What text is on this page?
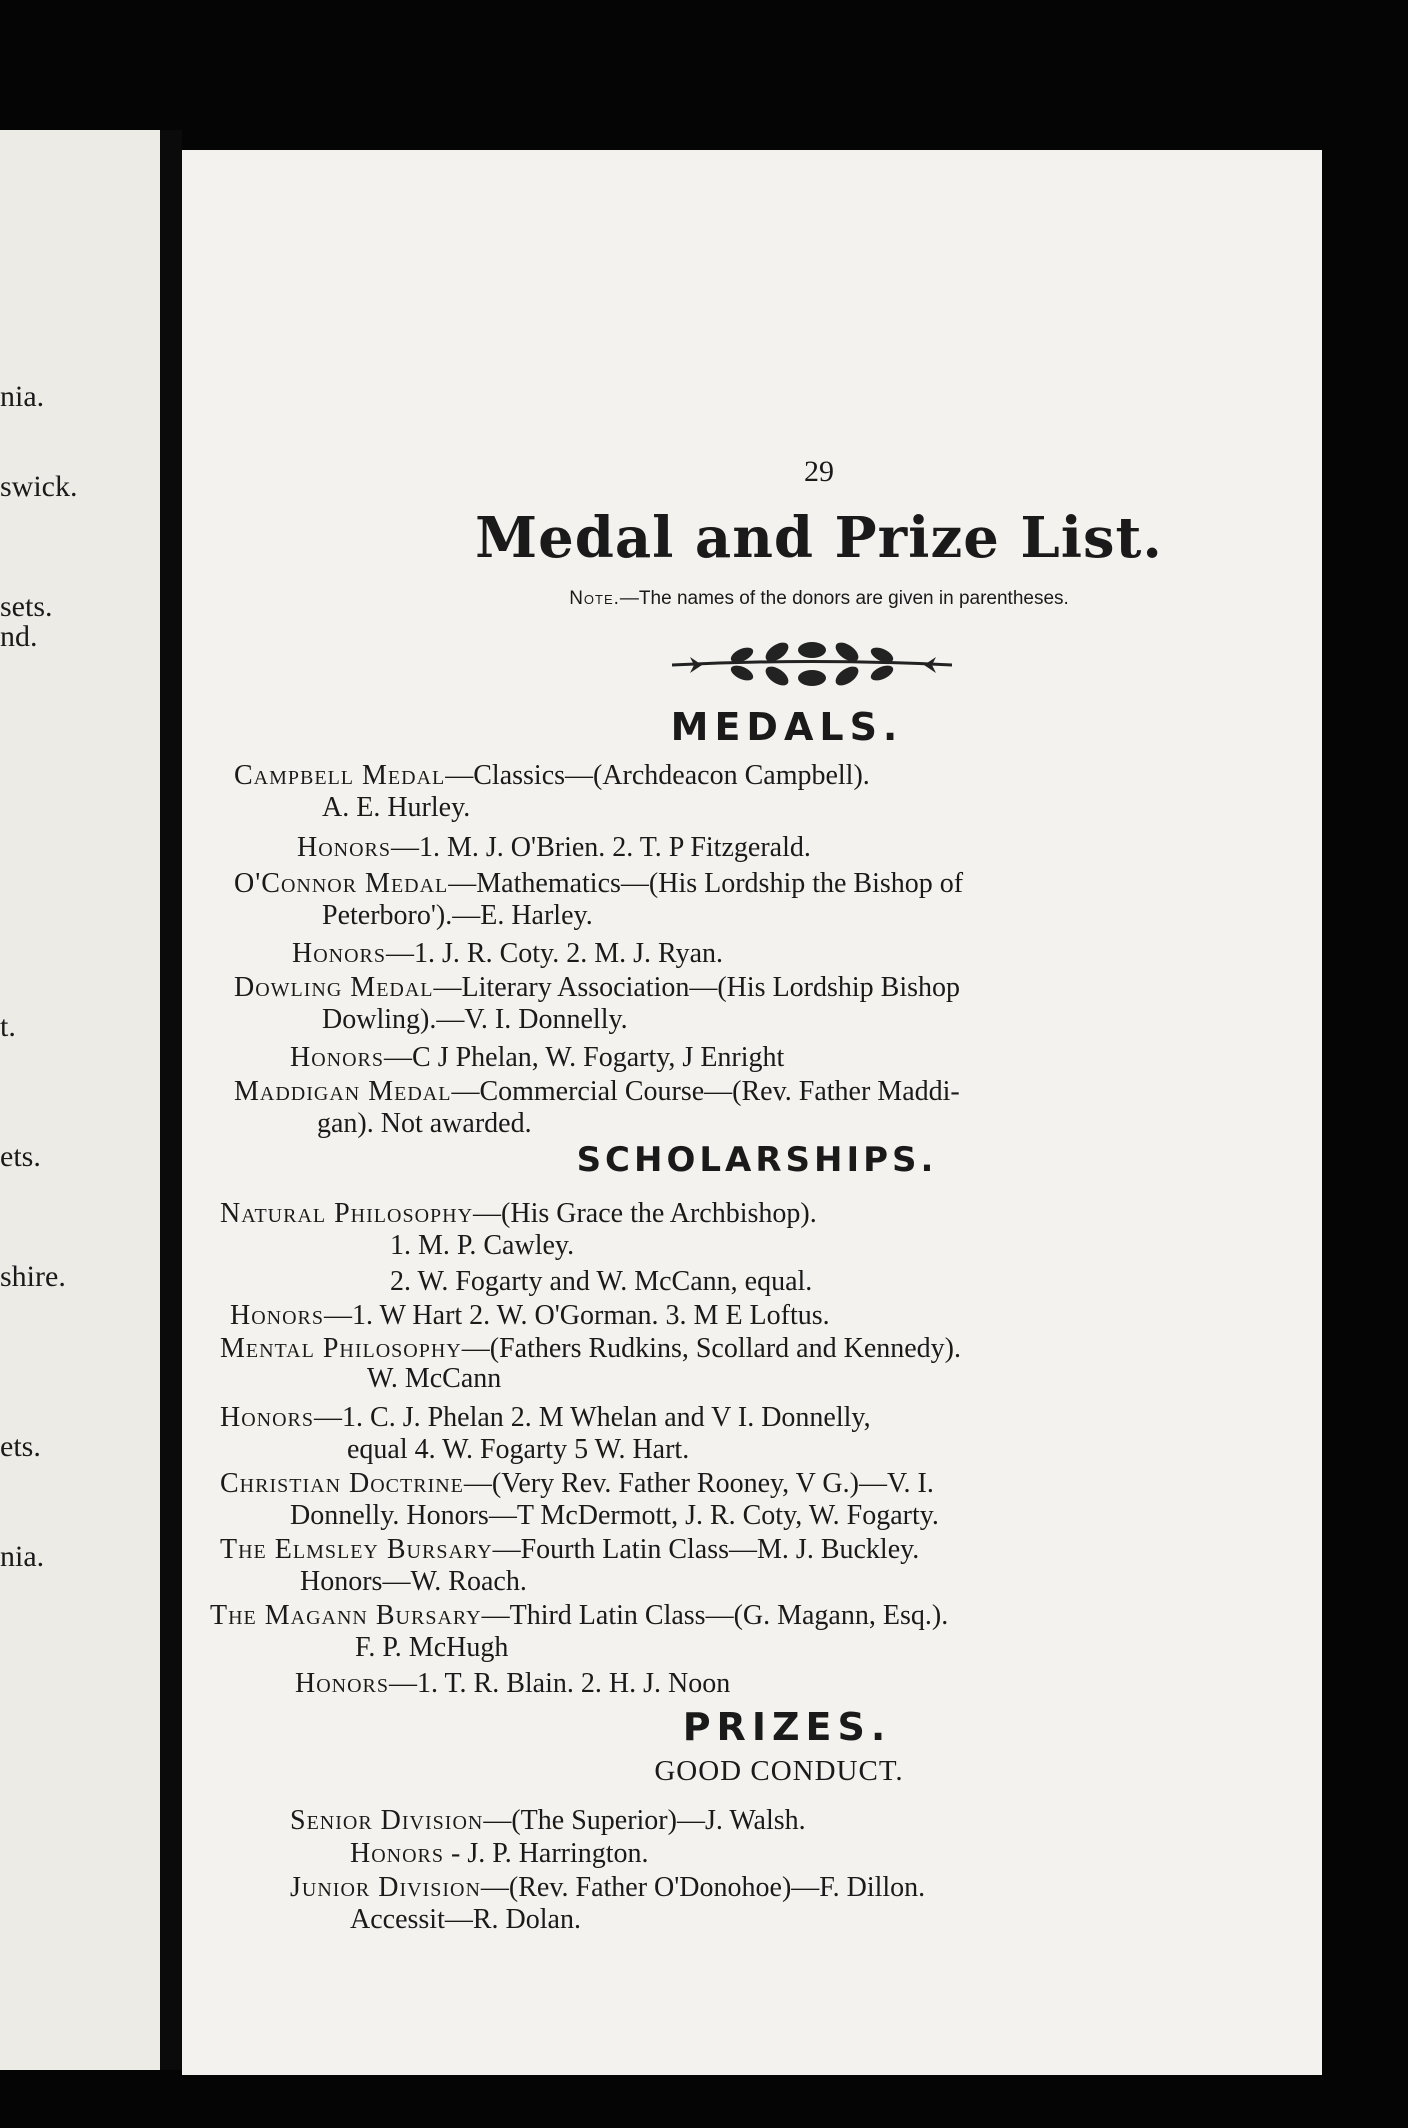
nia.
swick.
sets.
nd.
t.
ets.
shire.
ets.
nia.
29
Medal and Prize List.
Note.—The names of the donors are given in parentheses.
MEDALS.
Campbell Medal—Classics—(Archdeacon Campbell).
A. E. Hurley.
Honors—1. M. J. O'Brien. 2. T. P Fitzgerald.
O'Connor Medal—Mathematics—(His Lordship the Bishop of
Peterboro').—E. Harley.
Honors—1. J. R. Coty. 2. M. J. Ryan.
Dowling Medal—Literary Association—(His Lordship Bishop
Dowling).—V. I. Donnelly.
Honors—C J Phelan, W. Fogarty, J Enright
Maddigan Medal—Commercial Course—(Rev. Father Maddi-
gan). Not awarded.
SCHOLARSHIPS.
Natural Philosophy—(His Grace the Archbishop).
1. M. P. Cawley.
2. W. Fogarty and W. McCann, equal.
Honors—1. W Hart 2. W. O'Gorman. 3. M E Loftus.
Mental Philosophy—(Fathers Rudkins, Scollard and Kennedy).
W. McCann
Honors—1. C. J. Phelan 2. M Whelan and V I. Donnelly,
equal 4. W. Fogarty 5 W. Hart.
Christian Doctrine—(Very Rev. Father Rooney, V G.)—V. I.
Donnelly. Honors—T McDermott, J. R. Coty, W. Fogarty.
The Elmsley Bursary—Fourth Latin Class—M. J. Buckley.
Honors—W. Roach.
The Magann Bursary—Third Latin Class—(G. Magann, Esq.).
F. P. McHugh
Honors—1. T. R. Blain. 2. H. J. Noon
PRIZES.
GOOD CONDUCT.
Senior Division—(The Superior)—J. Walsh.
Honors - J. P. Harrington.
Junior Division—(Rev. Father O'Donohoe)—F. Dillon.
Accessit—R. Dolan.
